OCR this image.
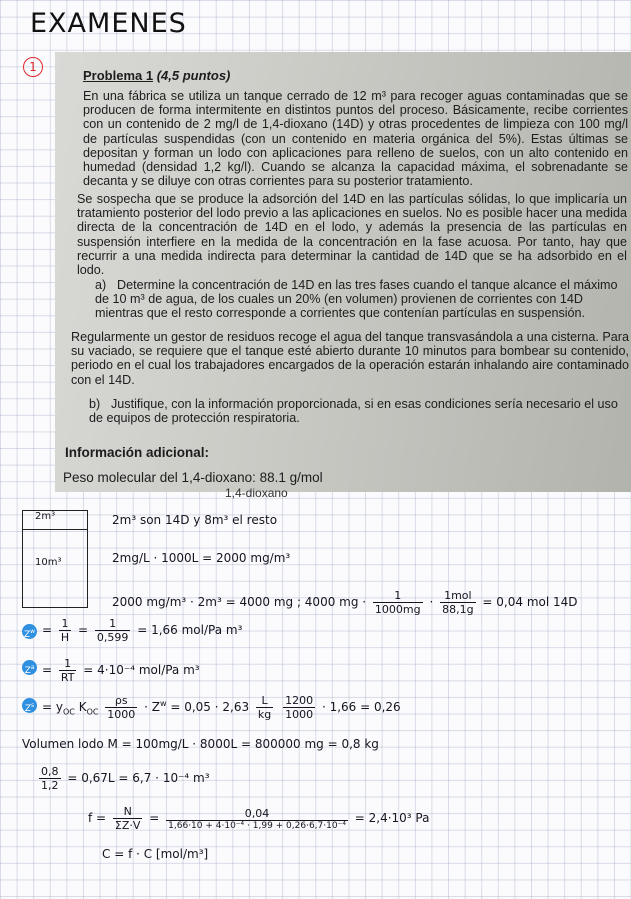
EXAMENES
1
Problema 1 (4,5 puntos)
En una fábrica se utiliza un tanque cerrado de 12 m³ para recoger aguas contaminadas que se producen de forma intermitente en distintos puntos del proceso. Básicamente, recibe corrientes con un contenido de 2 mg/l de 1,4-dioxano (14D) y otras procedentes de limpieza con 100 mg/l de partículas suspendidas (con un contenido en materia orgánica del 5%). Estas últimas se depositan y forman un lodo con aplicaciones para relleno de suelos, con un alto contenido en humedad (densidad 1,2 kg/l). Cuando se alcanza la capacidad máxima, el sobrenadante se decanta y se diluye con otras corrientes para su posterior tratamiento.
Se sospecha que se produce la adsorción del 14D en las partículas sólidas, lo que implicaría un tratamiento posterior del lodo previo a las aplicaciones en suelos. No es posible hacer una medida directa de la concentración de 14D en el lodo, y además la presencia de las partículas en suspensión interfiere en la medida de la concentración en la fase acuosa. Por tanto, hay que recurrir a una medida indirecta para determinar la cantidad de 14D que se ha adsorbido en el lodo.
a) Determine la concentración de 14D en las tres fases cuando el tanque alcance el máximo de 10 m³ de agua, de los cuales un 20% (en volumen) provienen de corrientes con 14D mientras que el resto corresponde a corrientes que contenían partículas en suspensión.
Regularmente un gestor de residuos recoge el agua del tanque transvasándola a una cisterna. Para su vaciado, se requiere que el tanque esté abierto durante 10 minutos para bombear su contenido, periodo en el cual los trabajadores encargados de la operación estarán inhalando aire contaminado con el 14D.
b) Justifique, con la información proporcionada, si en esas condiciones sería necesario el uso de equipos de protección respiratoria.
Información adicional:
Peso molecular del 1,4-dioxano: 88.1 g/mol
1,4-dioxano
2m³
10m³
2m³ son 14D y 8m³ el resto
2mg/L · 1000L = 2000 mg/m³
2000 mg/m³ · 2m³ = 4000 mg ; 4000 mg · $\frac{1}{1000mg} \cdot \frac{\text{1mol}}{88,1g} = 0,04$ mol 14D
$Z^w = \frac{1}{H} = \frac{1}{0,599} = 1,66$ mol/Pa m³
$Z^a = \frac{1}{RT} = 4\cdot 10^{-4}$ mol/Pa m³
$Z^s = y_{OC}$ $K_{OC} \frac{\rho s}{1000} \cdot Z^w = 0,05 \cdot 2,63 \frac{L}{kg}$
$\frac{1200}{1000} \cdot 1,66 = 0,26$
Volumen lodo M = 100mg/L · 8000L = 800000 mg = 0,8 kg
$\frac{0,8}{1,2} = 0,67L = 6,7 \cdot 10^{-4}$ m³
$f = \frac{N}{\Sigma Z\cdot V} = \frac{0,04}{\text{1,66·10 + 4·10⁻⁴ · 1,99 + 0,26·6,7·10⁻⁴}} = 2,4\cdot 10^3$ Pa
C = f · C [mol/m³]
